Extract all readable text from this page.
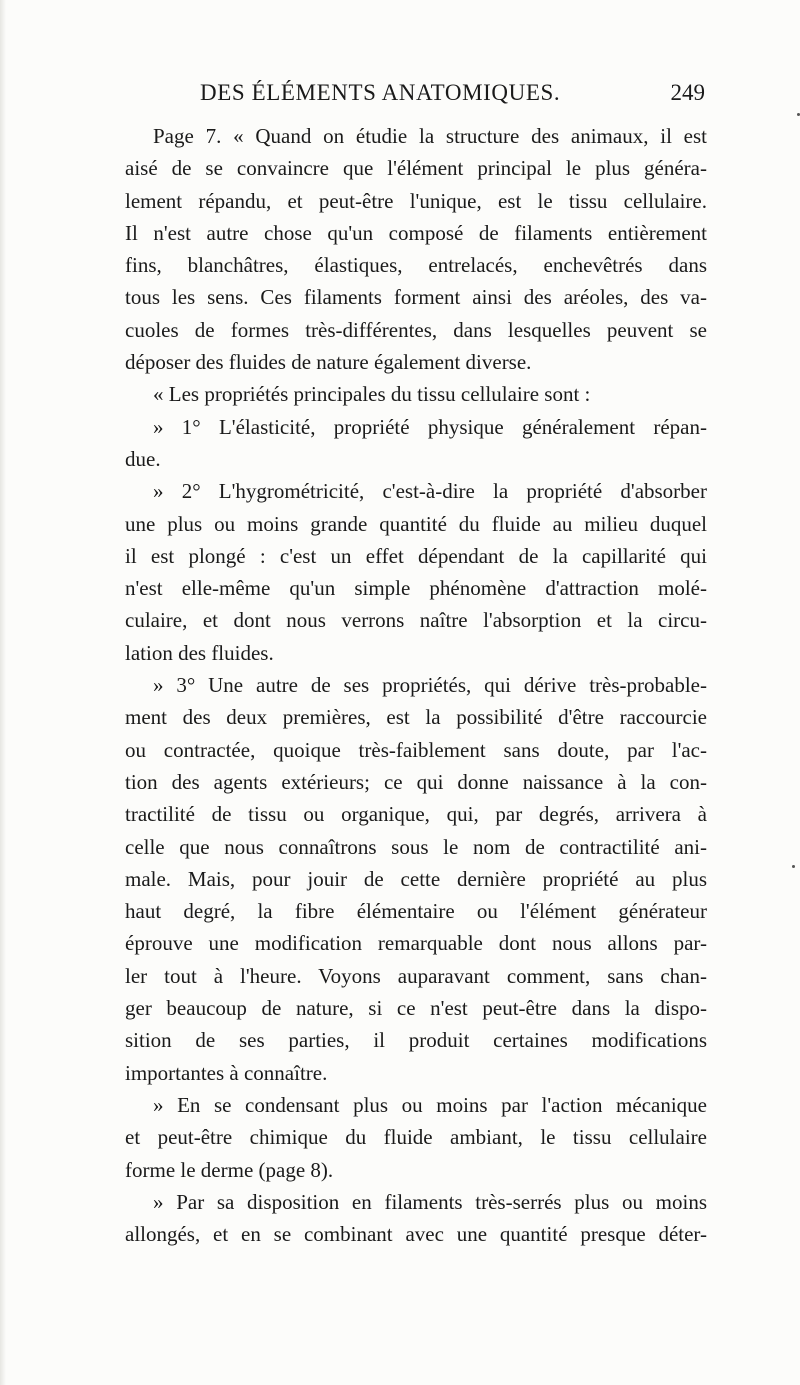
DES ÉLÉMENTS ANATOMIQUES.	249
Page 7. « Quand on étudie la structure des animaux, il est
aisé de se convaincre que l'élément principal le plus généra-
lement répandu, et peut-être l'unique, est le tissu cellulaire.
Il n'est autre chose qu'un composé de filaments entièrement
fins, blanchâtres, élastiques, entrelacés, enchevêtrés dans
tous les sens. Ces filaments forment ainsi des aréoles, des va-
cuoles de formes très-différentes, dans lesquelles peuvent se
déposer des fluides de nature également diverse.
« Les propriétés principales du tissu cellulaire sont :
» 1° L'élasticité, propriété physique généralement répan-
due.
» 2° L'hygrométricité, c'est-à-dire la propriété d'absorber
une plus ou moins grande quantité du fluide au milieu duquel
il est plongé : c'est un effet dépendant de la capillarité qui
n'est elle-même qu'un simple phénomène d'attraction molé-
culaire, et dont nous verrons naître l'absorption et la circu-
lation des fluides.
» 3° Une autre de ses propriétés, qui dérive très-probable-
ment des deux premières, est la possibilité d'être raccourcie
ou contractée, quoique très-faiblement sans doute, par l'ac-
tion des agents extérieurs; ce qui donne naissance à la con-
tractilité de tissu ou organique, qui, par degrés, arrivera à
celle que nous connaîtrons sous le nom de contractilité ani-
male. Mais, pour jouir de cette dernière propriété au plus
haut degré, la fibre élémentaire ou l'élément générateur
éprouve une modification remarquable dont nous allons par-
ler tout à l'heure. Voyons auparavant comment, sans chan-
ger beaucoup de nature, si ce n'est peut-être dans la dispo-
sition de ses parties, il produit certaines modifications
importantes à connaître.
» En se condensant plus ou moins par l'action mécanique
et peut-être chimique du fluide ambiant, le tissu cellulaire
forme le derme (page 8).
» Par sa disposition en filaments très-serrés plus ou moins
allongés, et en se combinant avec une quantité presque déter-
